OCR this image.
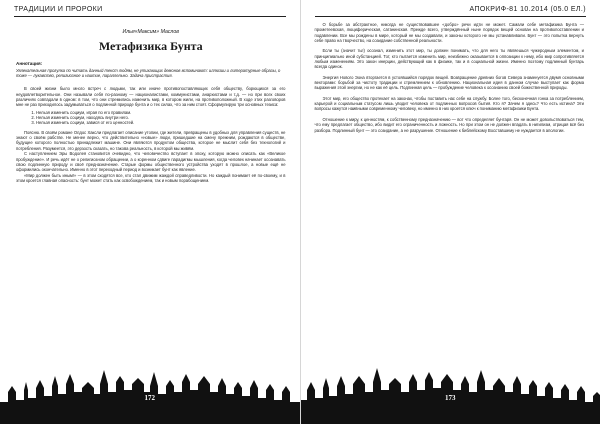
ТРАДИЦИИ И ПРОРОКИ
Илья«Максим» Маслов
Метафизика Бунта
Аннотация:
Увлекательная прогулка по читать данный текст людям, не утихающих демонов вспоминают: иллюзии и литературные образы, о тоже — лукавство, религиозное и наитие, параллельно. Задача пристрастия.

В своей жизни было много встреч с людьми, так или иначе противопоставляющих себя обществу, борющихся за его неудовлетворительное. Они называли себя по-разному — националистами, коммунистами, анархистами и т.д. — но при всех своих различиях совпадали в одном: в том, что они стремились изменить мир, в котором жили, на противоположный. В ходе этих разговоров мне не раз приходилось задумываться о подлинной природе бунта и о тех силах, что за ним стоят. Сформулирую три основных тезиса:

1. Нельзя изменить социум, играя по его правилам.
2. Нельзя изменить социум, находясь внутри него.
3. Нельзя изменить социум, завися от его ценностей.

Поясню. В своём романе Олдос Хаксли предлагает описание утопии, где жители, превращены в удобных для управления существ, не знают о своём рабстве. Не менее верно, что действительно «новые» люди, пришедшие на смену прежним, рождаются в обществе, будущее которого полностью принадлежит машине. Они являются продуктом общества, которое не мыслит себя без технологий и потребления. Разумеется, это дерзость сказать, но такова реальность, в которой мы живём.

С наступлением Эры Водолея становится очевидно, что человечество вступает в эпоху, которую можно описать как «Великое пробуждение». И речь идёт не о религиозном обращении, а о коренном сдвиге парадигмы мышления, когда человек начинает осознавать свою подлинную природу и своё предназначение. Старые формы общественного устройства уходят в прошлое, а новые ещё не оформились окончательно. Именно в этот переходный период и возникает бунт как явление.

«Мир должен быть иным!» — в этом сходятся все, кто стал движим жаждой справедливости. Но каждый понимает её по-своему, и в этом кроется главная опасность: бунт может стать как освобождением, так и новым порабощением.

172
АПОКРИФ-81 10.2014 (05.0 ЕЛ.)

О борьбе за абстрактное, никогда не существовавшее «добро» речи идти не может. Самали себе метафизика Бунта — прометеевская, люциферическая, сатанинская. Прежде всего, утверждённый ныне порядок вещей основан на противопоставлении и подавлении. Все мы рождены в мире, который не мы создавали, и законы которого не мы устанавливали. Бунт — это попытка вернуть себе право на творчество, на созидание собственной реальности.

Если ты (значит ты!) осознал, изменить этот мир, ты должен понимать, что для него ты являешься чужеродным элементом, и принципиально иной субстанцией. Тот, кто пытается изменить мир, неизбежно оказывается в оппозиции к нему, ибо мир сопротивляется любым изменениям. Это закон инерции, действующий как в физике, так и в социальной жизни. Именно поэтому подлинный бунтарь всегда одинок.

Энергия Нового Эона вторгается в устоявшийся порядок вещей. Возвращение древних богов Севера знаменуется двумя основными векторами: борьбой за чистоту традиции и стремлением к обновлению. Национальная идея в данном случае выступает как форма выражения этой энергии, но не как её цель. Подлинная цель — пробуждение человека к осознанию своей божественной природы.

Этот мир, его общество протекает на законах, чтобы поставить нас себе на службу. Более того, бесконечная гонка за потреблением, карьерой и социальным статусом лишь уводит человека от подлинных вопросов бытия. Кто я? Зачем я здесь? Что есть истина? Эти вопросы кажутся наивными современному человеку, но именно в них кроется ключ к пониманию метафизики Бунта.

Отношение к миру, к ценностям, к собственному предназначению — вот что определяет бунтаря. Он не может довольствоваться тем, что ему предлагает общество, ибо видит его ограниченность и ложность. Но при этом он не должен впадать в нигилизм, отрицая всё без разбора. Подлинный бунт — это созидание, а не разрушение. Отношение к библейскому Восставшему не нуждается в апологии.

173
